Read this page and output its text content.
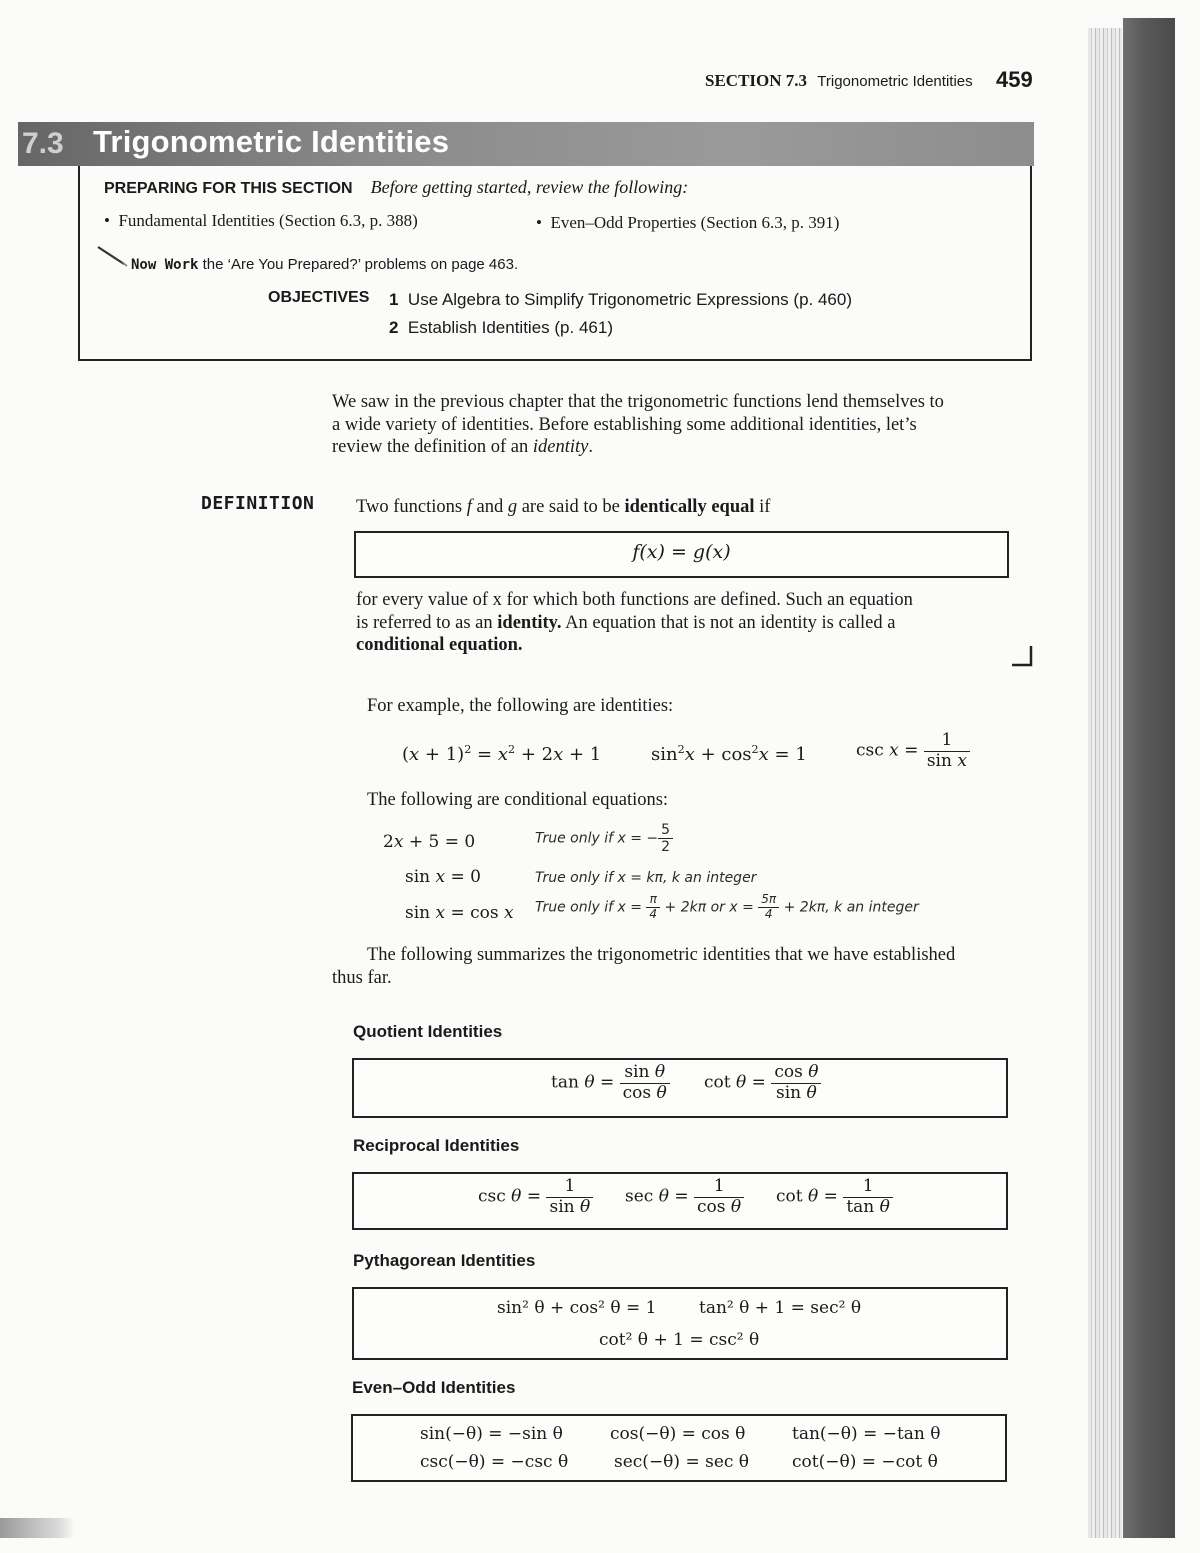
SECTION 7.3 Trigonometric Identities 459
7.3 Trigonometric Identities
PREPARING FOR THIS SECTION Before getting started, review the following:
•  Fundamental Identities (Section 6.3, p. 388)	•  Even–Odd Properties (Section 6.3, p. 391)
Now Work the ‘Are You Prepared?’ problems on page 463.
OBJECTIVES 1 Use Algebra to Simplify Trigonometric Expressions (p. 460)
2 Establish Identities (p. 461)
We saw in the previous chapter that the trigonometric functions lend themselves to
a wide variety of identities. Before establishing some additional identities, let’s
review the definition of an identity.
DEFINITION Two functions f and g are said to be identically equal if
f(x) = g(x)
for every value of x for which both functions are defined. Such an equation
is referred to as an identity. An equation that is not an identity is called a
conditional equation.
For example, the following are identities:
$(x + 1)^2 = x^2 + 2x + 1$	$\sin^2x + \cos^2x = 1$	$\csc x = \frac{1}{\text{sin x}}$
The following are conditional equations:
2x + 5 = 0	True only if x = − $\frac{5}{2}$
sin x = 0	True only if x = kπ, k an integer
sin x = cos x True only if $x = \frac{\pi}{4} + 2k\pi$ or $x = \frac{5\pi}{4} + 2k\pi$, k an integer
The following summarizes the trigonometric identities that we have established
thus far.
Quotient Identities
$\tan \theta = \frac{\text{sin θ}}{\text{cos θ}}$ $\cot \theta = \frac{\text{cos θ}}{\text{sin θ}}$
Reciprocal Identities
$\csc \theta = \frac{1}{\text{sin θ}}$ $\sec \theta = \frac{1}{\text{cos θ}}$ $\cot \theta = \frac{1}{\text{tan θ}}$
Pythagorean Identities
sin² θ + cos² θ = 1	tan² θ + 1 = sec² θ
cot² θ + 1 = csc² θ
Even–Odd Identities
sin(−θ) = −sin θ	cos(−θ) = cos θ	tan(−θ) = −tan θ
csc(−θ) = −csc θ	sec(−θ) = sec θ	cot(−θ) = −cot θ
